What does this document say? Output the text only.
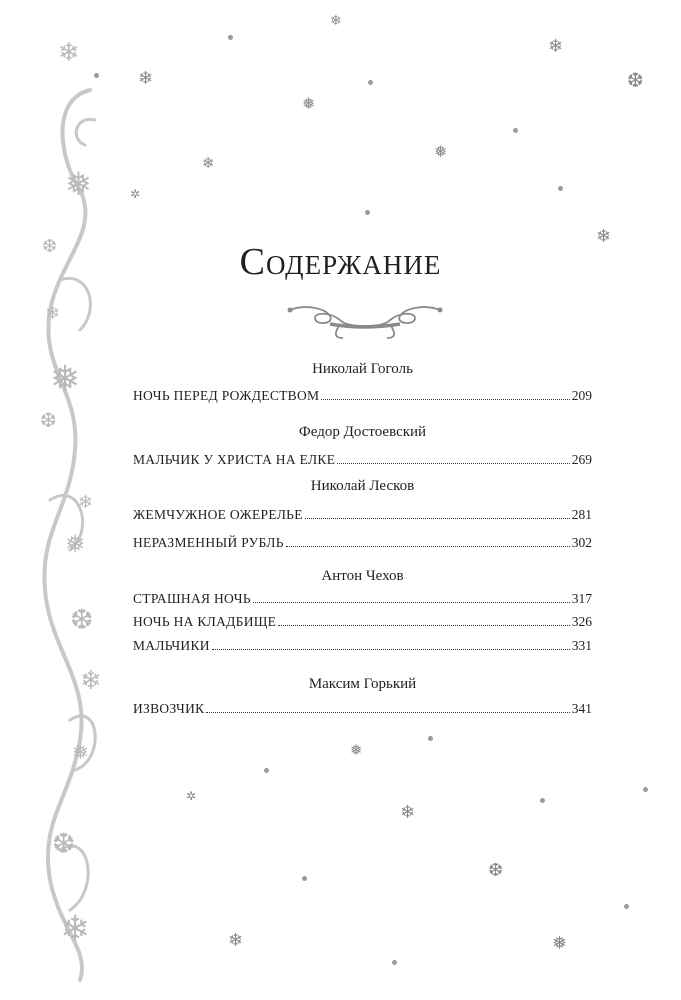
❄
❅
❆
❄
❅
❆
❄
❅
❆
❄
❅
❆
❄
❄
❅
❄
✲
❄
❅
❄
❆
❄
❅
✲
❄
❆
❄	❅
Содержание
Николай Гоголь
НОЧЬ ПЕРЕД РОЖДЕСТВОМ	209
Федор Достоевский
МАЛЬЧИК У ХРИСТА НА ЕЛКЕ	269
Николай Лесков
ЖЕМЧУЖНОЕ ОЖЕРЕЛЬЕ	281
НЕРАЗМЕННЫЙ РУБЛЬ	302
Антон Чехов
СТРАШНАЯ НОЧЬ	317
НОЧЬ НА КЛАДБИЩЕ	326
МАЛЬЧИКИ	331
Максим Горький
ИЗВОЗЧИК	341
